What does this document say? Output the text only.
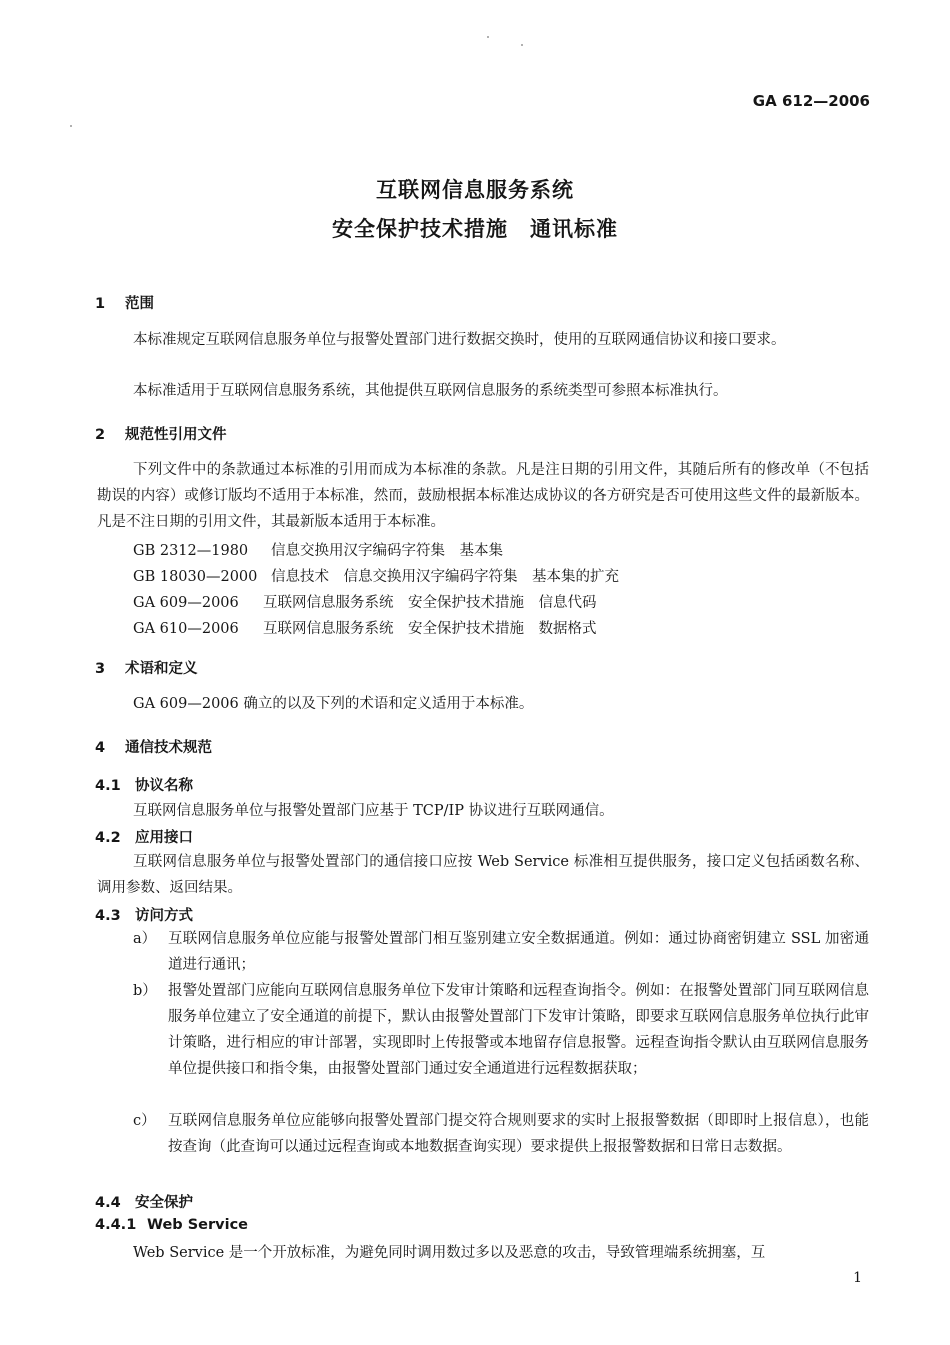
GA 612—2006
互联网信息服务系统
安全保护技术措施　通讯标准
1 范围
本标准规定互联网信息服务单位与报警处置部门进行数据交换时，使用的互联网通信协议和接口要求。
本标准适用于互联网信息服务系统，其他提供互联网信息服务的系统类型可参照本标准执行。
2 规范性引用文件
下列文件中的条款通过本标准的引用而成为本标准的条款。凡是注日期的引用文件，其随后所有的修改单（不包括勘误的内容）或修订版均不适用于本标准，然而，鼓励根据本标准达成协议的各方研究是否可使用这些文件的最新版本。凡是不注日期的引用文件，其最新版本适用于本标准。
GB 2312—1980 信息交换用汉字编码字符集　基本集
GB 18030—2000 信息技术　信息交换用汉字编码字符集　基本集的扩充
GA 609—2006 互联网信息服务系统　安全保护技术措施　信息代码
GA 610—2006 互联网信息服务系统　安全保护技术措施　数据格式
3 术语和定义
GA 609—2006 确立的以及下列的术语和定义适用于本标准。
4 通信技术规范
4.1 协议名称
互联网信息服务单位与报警处置部门应基于 TCP/IP 协议进行互联网通信。
4.2 应用接口
互联网信息服务单位与报警处置部门的通信接口应按 Web Service 标准相互提供服务，接口定义包括函数名称、调用参数、返回结果。
4.3 访问方式
a） 互联网信息服务单位应能与报警处置部门相互鉴别建立安全数据通道。例如：通过协商密钥建立 SSL 加密通道进行通讯；
b） 报警处置部门应能向互联网信息服务单位下发审计策略和远程查询指令。例如：在报警处置部门同互联网信息服务单位建立了安全通道的前提下，默认由报警处置部门下发审计策略，即要求互联网信息服务单位执行此审计策略，进行相应的审计部署，实现即时上传报警或本地留存信息报警。远程查询指令默认由互联网信息服务单位提供接口和指令集，由报警处置部门通过安全通道进行远程数据获取；
c） 互联网信息服务单位应能够向报警处置部门提交符合规则要求的实时上报报警数据（即即时上报信息），也能按查询（此查询可以通过远程查询或本地数据查询实现）要求提供上报报警数据和日常日志数据。
4.4 安全保护
4.4.1 Web Service
Web Service 是一个开放标准，为避免同时调用数过多以及恶意的攻击，导致管理端系统拥塞，互
1
